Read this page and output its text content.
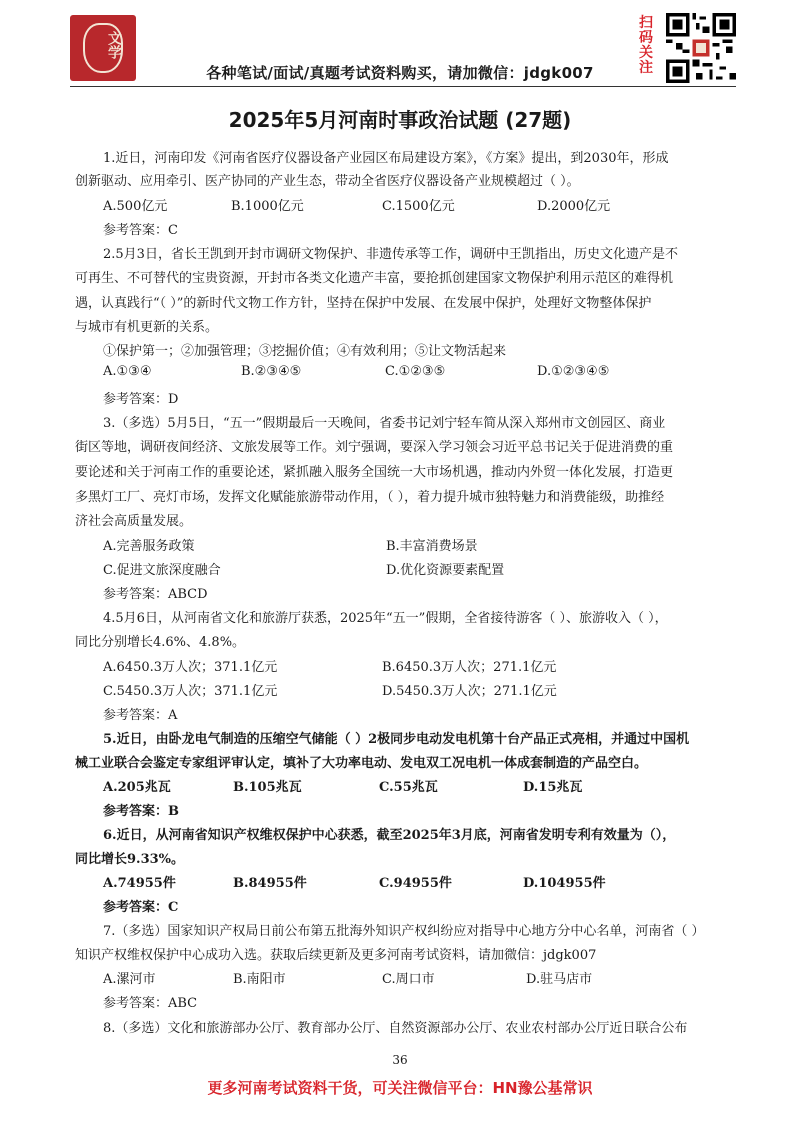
文学
各种笔试/面试/真题考试资料购买，请加微信：jdgk007
扫码关注
2025年5月河南时事政治试题 (27题)
1.近日，河南印发《河南省医疗仪器设备产业园区布局建设方案》，《方案》提出，到2030年，形成
创新驱动、应用牵引、医产协同的产业生态，带动全省医疗仪器设备产业规模超过（ ）。
A.500亿元	B.1000亿元	C.1500亿元	D.2000亿元
参考答案：C
2.5月3日，省长王凯到开封市调研文物保护、非遗传承等工作，调研中王凯指出，历史文化遗产是不
可再生、不可替代的宝贵资源，开封市各类文化遗产丰富，要抢抓创建国家文物保护利用示范区的难得机
遇，认真践行“（ ）”的新时代文物工作方针，坚持在保护中发展、在发展中保护，处理好文物整体保护
与城市有机更新的关系。
①保护第一；②加强管理；③挖掘价值；④有效利用；⑤让文物活起来
A.①③④	B.②③④⑤	C.①②③⑤	D.①②③④⑤
参考答案：D
3.（多选）5月5日，“五一”假期最后一天晚间，省委书记刘宁轻车简从深入郑州市文创园区、商业
街区等地，调研夜间经济、文旅发展等工作。刘宁强调，要深入学习领会习近平总书记关于促进消费的重
要论述和关于河南工作的重要论述，紧抓融入服务全国统一大市场机遇，推动内外贸一体化发展，打造更
多黑灯工厂、亮灯市场，发挥文化赋能旅游带动作用，（ ），着力提升城市独特魅力和消费能级，助推经
济社会高质量发展。
A.完善服务政策	B.丰富消费场景
C.促进文旅深度融合	D.优化资源要素配置
参考答案：ABCD
4.5月6日，从河南省文化和旅游厅获悉，2025年“五一”假期，全省接待游客（ ）、旅游收入（ ），
同比分别增长4.6%、4.8%。
A.6450.3万人次；371.1亿元	B.6450.3万人次；271.1亿元
C.5450.3万人次；371.1亿元	D.5450.3万人次；271.1亿元
参考答案：A
5.近日，由卧龙电气制造的压缩空气储能（ ）2极同步电动发电机第十台产品正式亮相，并通过中国机
械工业联合会鉴定专家组评审认定，填补了大功率电动、发电双工况电机一体成套制造的产品空白。
A.205兆瓦	B.105兆瓦	C.55兆瓦	D.15兆瓦
参考答案：B
6.近日，从河南省知识产权维权保护中心获悉，截至2025年3月底，河南省发明专利有效量为（），
同比增长9.33%。
A.74955件	B.84955件	C.94955件	D.104955件
参考答案：C
7.（多选）国家知识产权局日前公布第五批海外知识产权纠纷应对指导中心地方分中心名单，河南省（ ）
知识产权维权保护中心成功入选。获取后续更新及更多河南考试资料，请加微信：jdgk007
A.漯河市	B.南阳市	C.周口市	D.驻马店市
参考答案：ABC
8.（多选）文化和旅游部办公厅、教育部办公厅、自然资源部办公厅、农业农村部办公厅近日联合公布
36
更多河南考试资料干货，可关注微信平台：HN豫公基常识
